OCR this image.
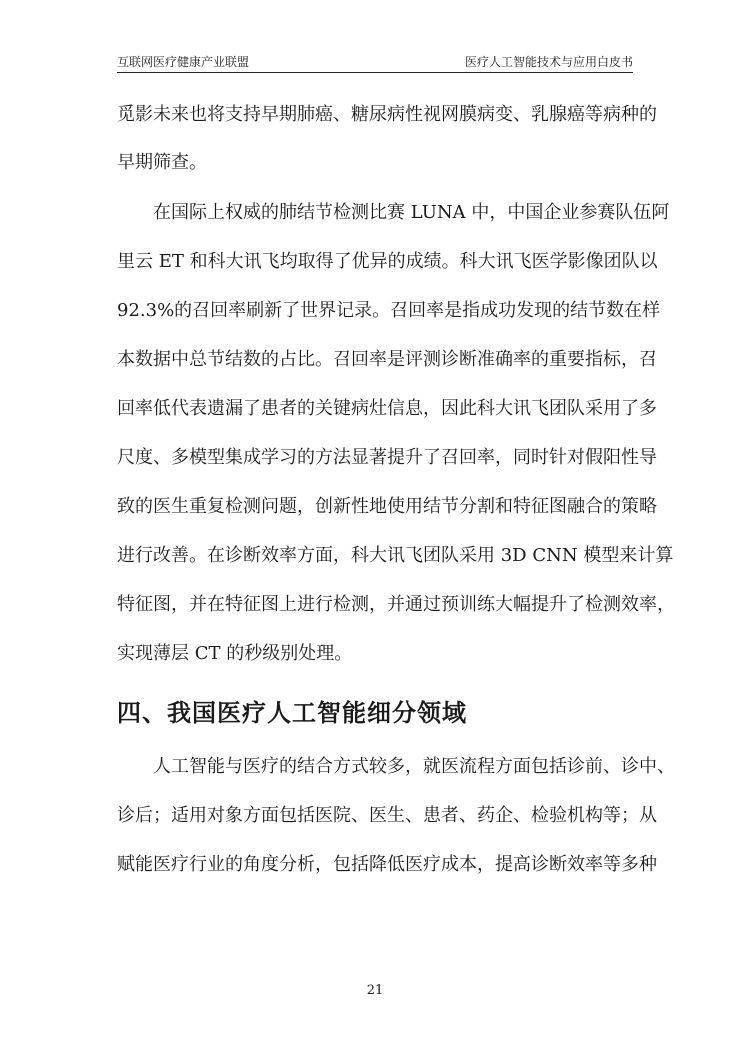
互联网医疗健康产业联盟	医疗人工智能技术与应用白皮书
觅影未来也将支持早期肺癌、糖尿病性视网膜病变、乳腺癌等病种的
早期筛查。
在国际上权威的肺结节检测比赛 LUNA 中，中国企业参赛队伍阿
里云 ET 和科大讯飞均取得了优异的成绩。科大讯飞医学影像团队以
92.3%的召回率刷新了世界记录。召回率是指成功发现的结节数在样
本数据中总节结数的占比。召回率是评测诊断准确率的重要指标，召
回率低代表遗漏了患者的关键病灶信息，因此科大讯飞团队采用了多
尺度、多模型集成学习的方法显著提升了召回率，同时针对假阳性导
致的医生重复检测问题，创新性地使用结节分割和特征图融合的策略
进行改善。在诊断效率方面，科大讯飞团队采用 3D CNN 模型来计算
特征图，并在特征图上进行检测，并通过预训练大幅提升了检测效率，
实现薄层 CT 的秒级别处理。
四、我国医疗人工智能细分领域
人工智能与医疗的结合方式较多，就医流程方面包括诊前、诊中、
诊后；适用对象方面包括医院、医生、患者、药企、检验机构等；从
赋能医疗行业的角度分析，包括降低医疗成本，提高诊断效率等多种
21
